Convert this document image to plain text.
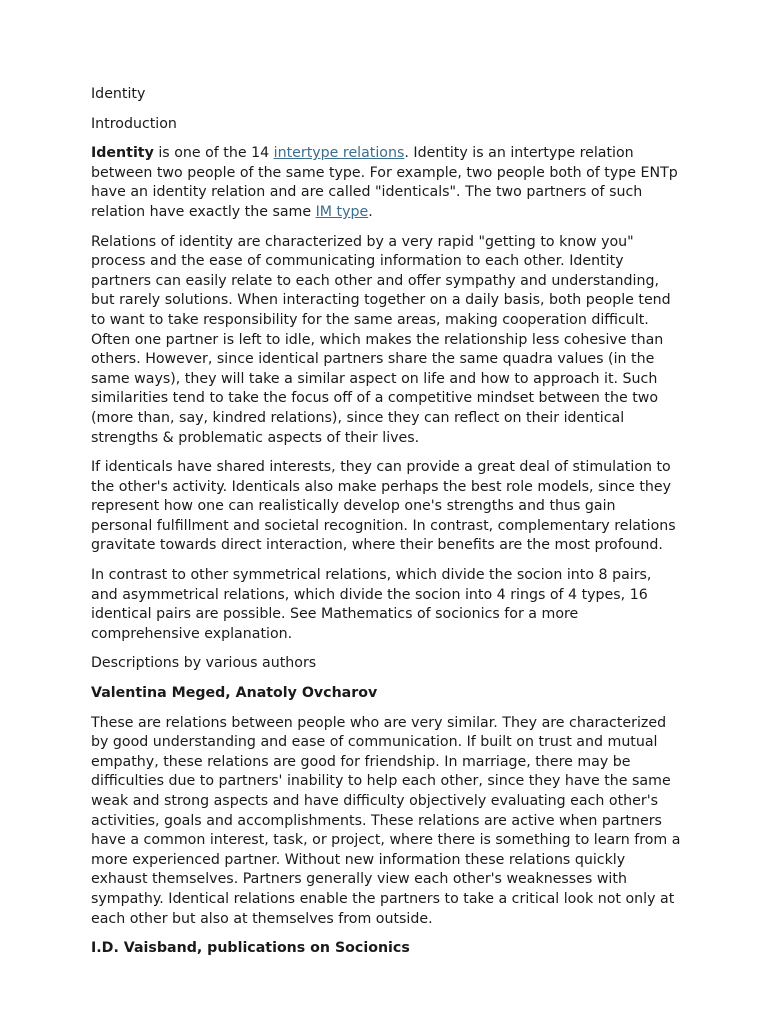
Identity

Introduction

Identity is one of the 14 intertype relations. Identity is an intertype relation between two people of the same type. For example, two people both of type ENTp have an identity relation and are called "identicals". The two partners of such relation have exactly the same IM type.

Relations of identity are characterized by a very rapid "getting to know you" process and the ease of communicating information to each other. Identity partners can easily relate to each other and offer sympathy and understanding, but rarely solutions. When interacting together on a daily basis, both people tend to want to take responsibility for the same areas, making cooperation difficult. Often one partner is left to idle, which makes the relationship less cohesive than others. However, since identical partners share the same quadra values (in the same ways), they will take a similar aspect on life and how to approach it. Such similarities tend to take the focus off of a competitive mindset between the two (more than, say, kindred relations), since they can reflect on their identical strengths & problematic aspects of their lives.

If identicals have shared interests, they can provide a great deal of stimulation to the other's activity. Identicals also make perhaps the best role models, since they represent how one can realistically develop one's strengths and thus gain personal fulfillment and societal recognition. In contrast, complementary relations gravitate towards direct interaction, where their benefits are the most profound.

In contrast to other symmetrical relations, which divide the socion into 8 pairs, and asymmetrical relations, which divide the socion into 4 rings of 4 types, 16 identical pairs are possible. See Mathematics of socionics for a more comprehensive explanation.

Descriptions by various authors

Valentina Meged, Anatoly Ovcharov

These are relations between people who are very similar. They are characterized by good understanding and ease of communication. If built on trust and mutual empathy, these relations are good for friendship. In marriage, there may be difficulties due to partners' inability to help each other, since they have the same weak and strong aspects and have difficulty objectively evaluating each other's activities, goals and accomplishments. These relations are active when partners have a common interest, task, or project, where there is something to learn from a more experienced partner. Without new information these relations quickly exhaust themselves. Partners generally view each other's weaknesses with sympathy. Identical relations enable the partners to take a critical look not only at each other but also at themselves from outside.

I.D. Vaisband, publications on Socionics
